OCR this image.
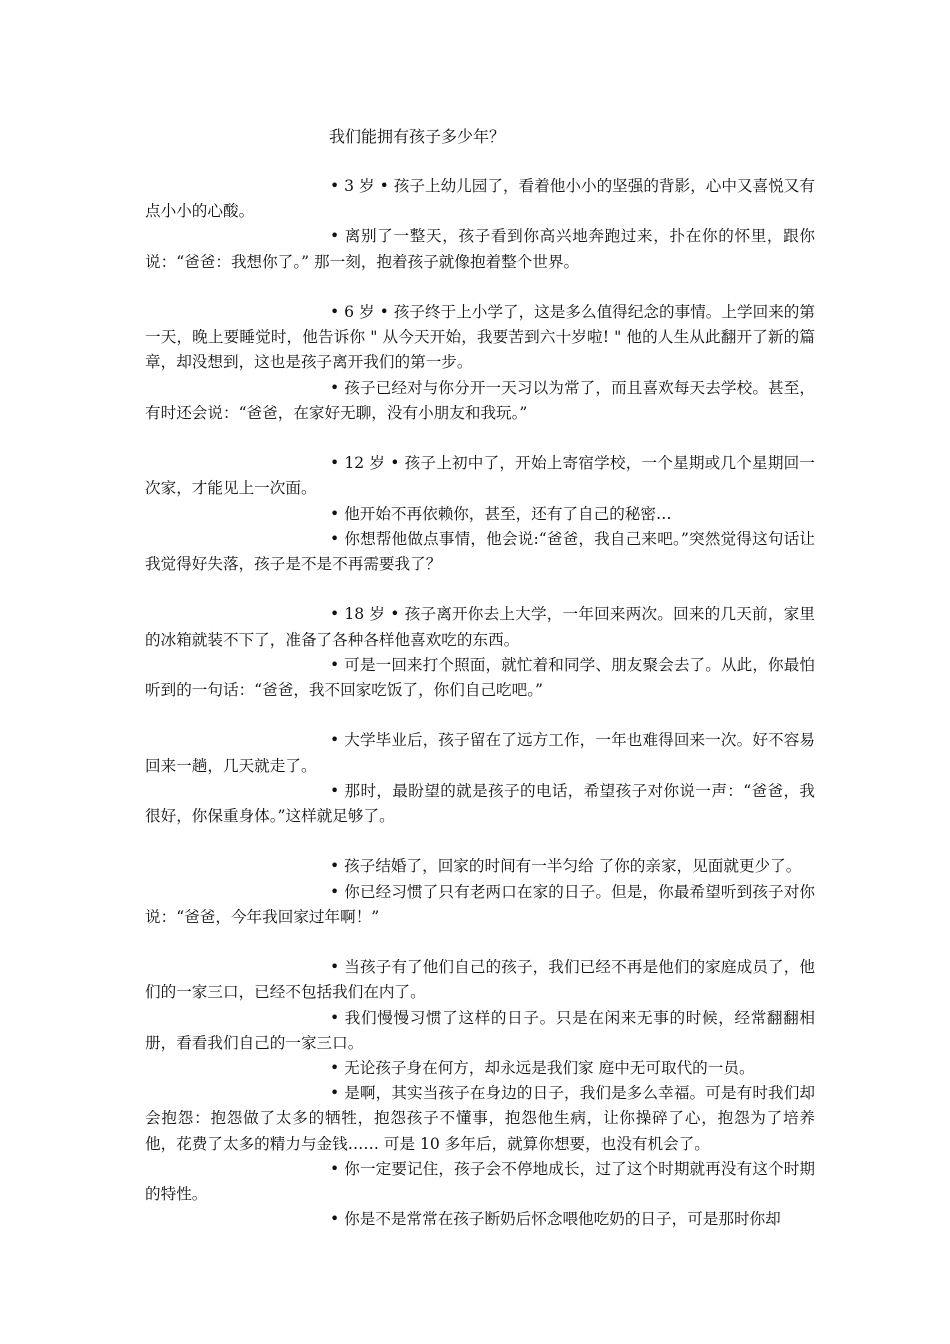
我们能拥有孩子多少年？

• 3 岁 • 孩子上幼儿园了，看着他小小的坚强的背影，心中又喜悦又有点小小的心酸。

• 离别了一整天，孩子看到你高兴地奔跑过来，扑在你的怀里，跟你说：“爸爸：我想你了。” 那一刻，抱着孩子就像抱着整个世界。

• 6 岁 • 孩子终于上小学了，这是多么值得纪念的事情。上学回来的第一天，晚上要睡觉时，他告诉你 " 从今天开始，我要苦到六十岁啦! " 他的人生从此翻开了新的篇章，却没想到，这也是孩子离开我们的第一步。

• 孩子已经对与你分开一天习以为常了，而且喜欢每天去学校。甚至，有时还会说：“爸爸，在家好无聊，没有小朋友和我玩。”

• 12 岁 • 孩子上初中了，开始上寄宿学校，一个星期或几个星期回一次家，才能见上一次面。

• 他开始不再依赖你，甚至，还有了自己的秘密…

• 你想帮他做点事情，他会说:“爸爸，我自己来吧。”突然觉得这句话让我觉得好失落，孩子是不是不再需要我了？

• 18 岁 • 孩子离开你去上大学，一年回来两次。回来的几天前，家里的冰箱就装不下了，准备了各种各样他喜欢吃的东西。

• 可是一回来打个照面，就忙着和同学、朋友聚会去了。从此，你最怕听到的一句话：“爸爸，我不回家吃饭了，你们自己吃吧。”

• 大学毕业后，孩子留在了远方工作，一年也难得回来一次。好不容易回来一趟，几天就走了。

• 那时，最盼望的就是孩子的电话，希望孩子对你说一声：“爸爸，我很好，你保重身体。”这样就足够了。

• 孩子结婚了，回家的时间有一半匀给 了你的亲家，见面就更少了。

• 你已经习惯了只有老两口在家的日子。但是，你最希望听到孩子对你说：“爸爸，今年我回家过年啊！”

• 当孩子有了他们自己的孩子，我们已经不再是他们的家庭成员了，他们的一家三口，已经不包括我们在内了。

• 我们慢慢习惯了这样的日子。只是在闲来无事的时候，经常翻翻相册，看看我们自己的一家三口。

• 无论孩子身在何方，却永远是我们家 庭中无可取代的一员。

• 是啊，其实当孩子在身边的日子，我们是多么幸福。可是有时我们却会抱怨：抱怨做了太多的牺牲，抱怨孩子不懂事，抱怨他生病，让你操碎了心，抱怨为了培养他，花费了太多的精力与金钱…… 可是 10 多年后，就算你想要，也没有机会了。

• 你一定要记住，孩子会不停地成长，过了这个时期就再没有这个时期的特性。

• 你是不是常常在孩子断奶后怀念喂他吃奶的日子，可是那时你却
